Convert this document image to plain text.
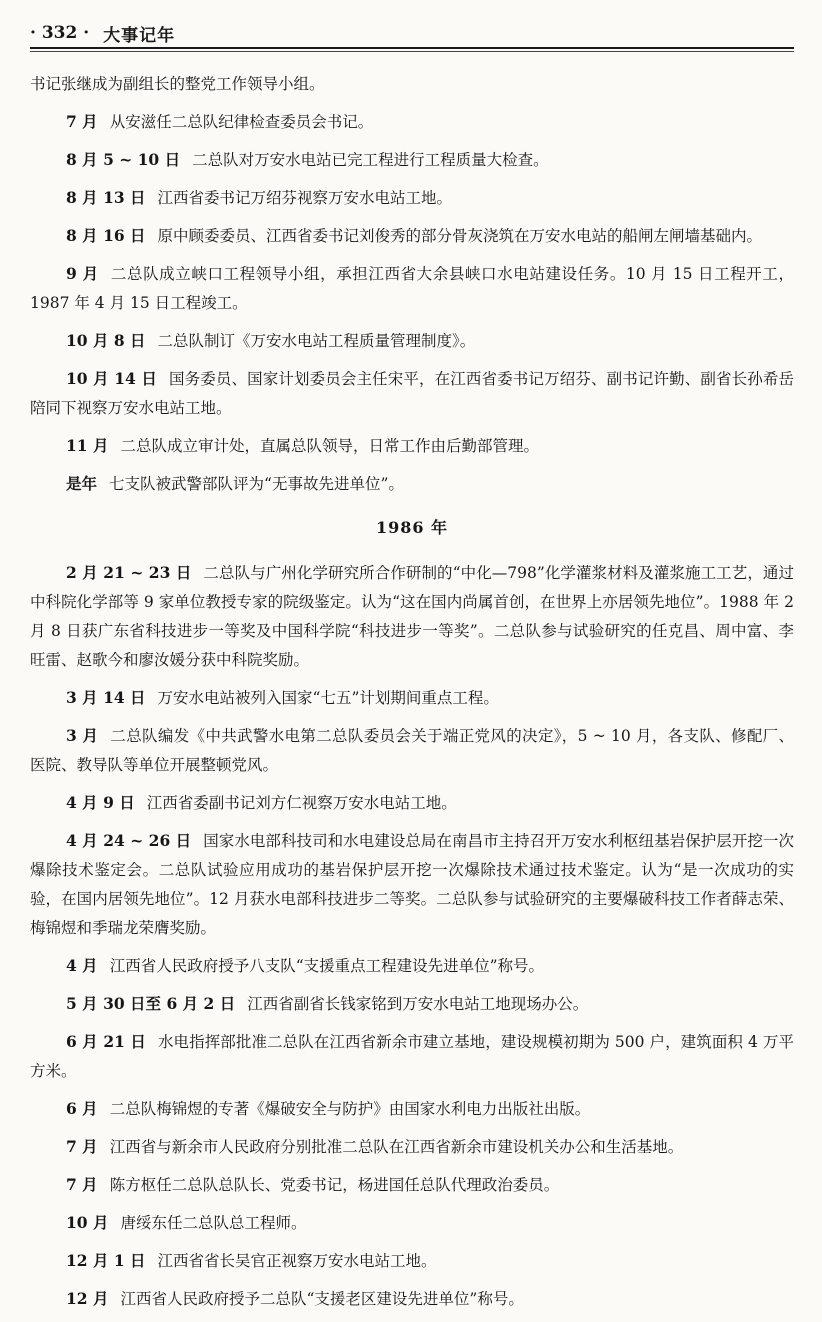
· 332 · 大事记年

书记张继成为副组长的整党工作领导小组。

7 月 从安滋任二总队纪律检查委员会书记。

8 月 5 ~ 10 日 二总队对万安水电站已完工程进行工程质量大检查。

8 月 13 日 江西省委书记万绍芬视察万安水电站工地。

8 月 16 日 原中顾委委员、江西省委书记刘俊秀的部分骨灰浇筑在万安水电站的船闸左闸墙基础内。

9 月 二总队成立峡口工程领导小组，承担江西省大余县峡口水电站建设任务。10 月 15 日工程开工，1987 年 4 月 15 日工程竣工。

10 月 8 日 二总队制订《万安水电站工程质量管理制度》。

10 月 14 日 国务委员、国家计划委员会主任宋平，在江西省委书记万绍芬、副书记许勤、副省长孙希岳陪同下视察万安水电站工地。

11 月 二总队成立审计处，直属总队领导，日常工作由后勤部管理。

是年 七支队被武警部队评为“无事故先进单位”。

1986 年

2 月 21 ~ 23 日 二总队与广州化学研究所合作研制的“中化—798”化学灌浆材料及灌浆施工工艺，通过中科院化学部等 9 家单位教授专家的院级鉴定。认为“这在国内尚属首创，在世界上亦居领先地位”。1988 年 2 月 8 日获广东省科技进步一等奖及中国科学院“科技进步一等奖”。二总队参与试验研究的任克昌、周中富、李旺雷、赵歌今和廖汝媛分获中科院奖励。

3 月 14 日 万安水电站被列入国家“七五”计划期间重点工程。

3 月 二总队编发《中共武警水电第二总队委员会关于端正党风的决定》，5 ~ 10 月，各支队、修配厂、医院、教导队等单位开展整顿党风。

4 月 9 日 江西省委副书记刘方仁视察万安水电站工地。

4 月 24 ~ 26 日 国家水电部科技司和水电建设总局在南昌市主持召开万安水利枢纽基岩保护层开挖一次爆除技术鉴定会。二总队试验应用成功的基岩保护层开挖一次爆除技术通过技术鉴定。认为“是一次成功的实验，在国内居领先地位”。12 月获水电部科技进步二等奖。二总队参与试验研究的主要爆破科技工作者薛志荣、梅锦煜和季瑞龙荣膺奖励。

4 月 江西省人民政府授予八支队“支援重点工程建设先进单位”称号。

5 月 30 日至 6 月 2 日 江西省副省长钱家铭到万安水电站工地现场办公。

6 月 21 日 水电指挥部批准二总队在江西省新余市建立基地，建设规模初期为 500 户，建筑面积 4 万平方米。

6 月 二总队梅锦煜的专著《爆破安全与防护》由国家水利电力出版社出版。

7 月 江西省与新余市人民政府分别批准二总队在江西省新余市建设机关办公和生活基地。

7 月 陈方枢任二总队总队长、党委书记，杨进国任总队代理政治委员。

10 月 唐绥东任二总队总工程师。

12 月 1 日 江西省省长吴官正视察万安水电站工地。

12 月 江西省人民政府授予二总队“支援老区建设先进单位”称号。
